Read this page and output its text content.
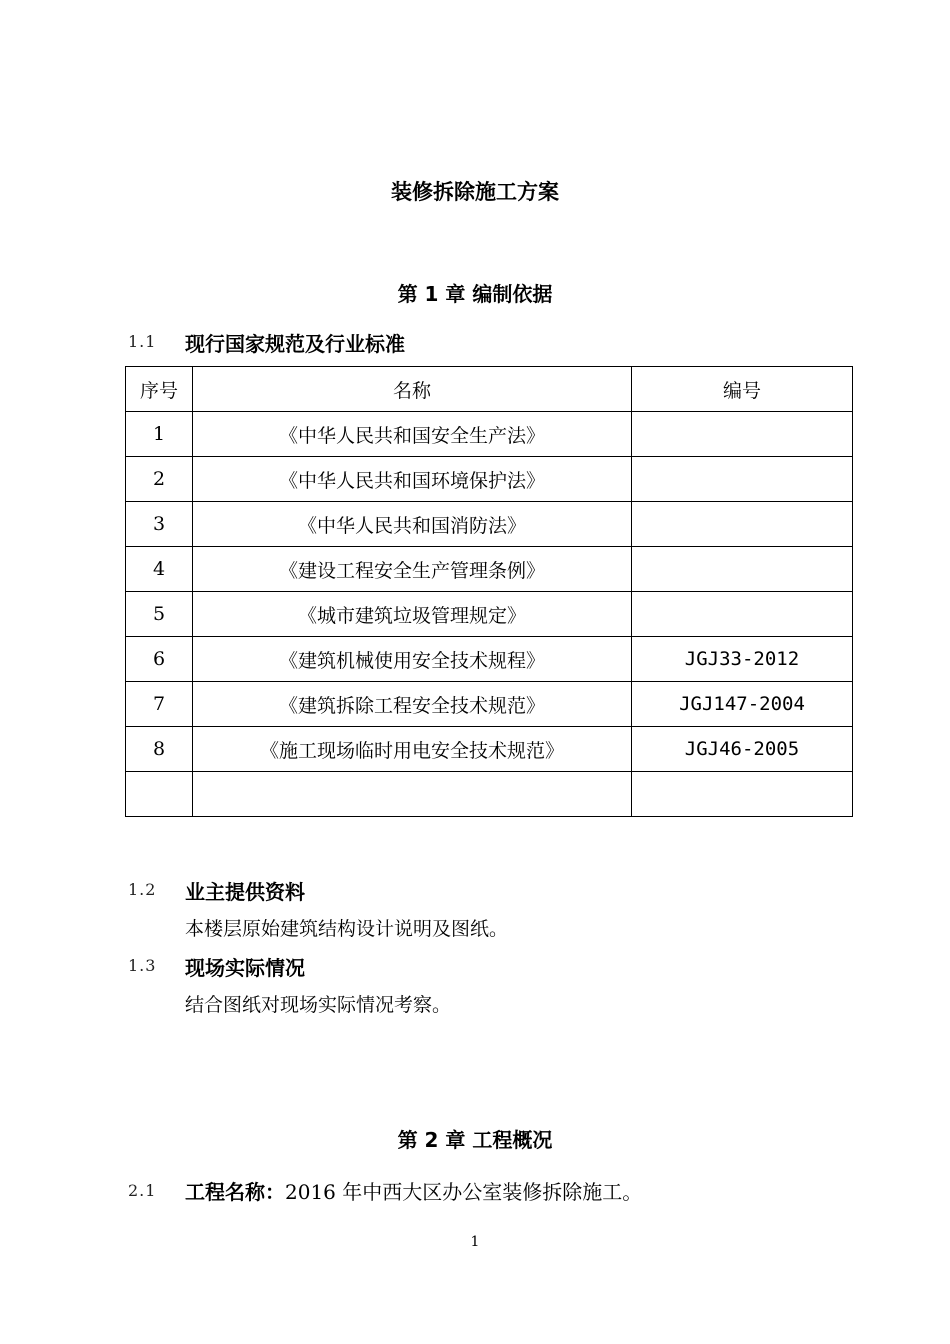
装修拆除施工方案
第 1 章 编制依据
1.1 现行国家规范及行业标准
序号	名称	编号
1	《中华人民共和国安全生产法》	
2	《中华人民共和国环境保护法》	
3	《中华人民共和国消防法》	
4	《建设工程安全生产管理条例》	
5	《城市建筑垃圾管理规定》	
6	《建筑机械使用安全技术规程》	JGJ33-2012
7	《建筑拆除工程安全技术规范》	JGJ147-2004
8	《施工现场临时用电安全技术规范》	JGJ46-2005

1.2 业主提供资料
本楼层原始建筑结构设计说明及图纸。
1.3 现场实际情况
结合图纸对现场实际情况考察。
第 2 章 工程概况
2.1 工程名称：2016 年中西大区办公室装修拆除施工。
1
